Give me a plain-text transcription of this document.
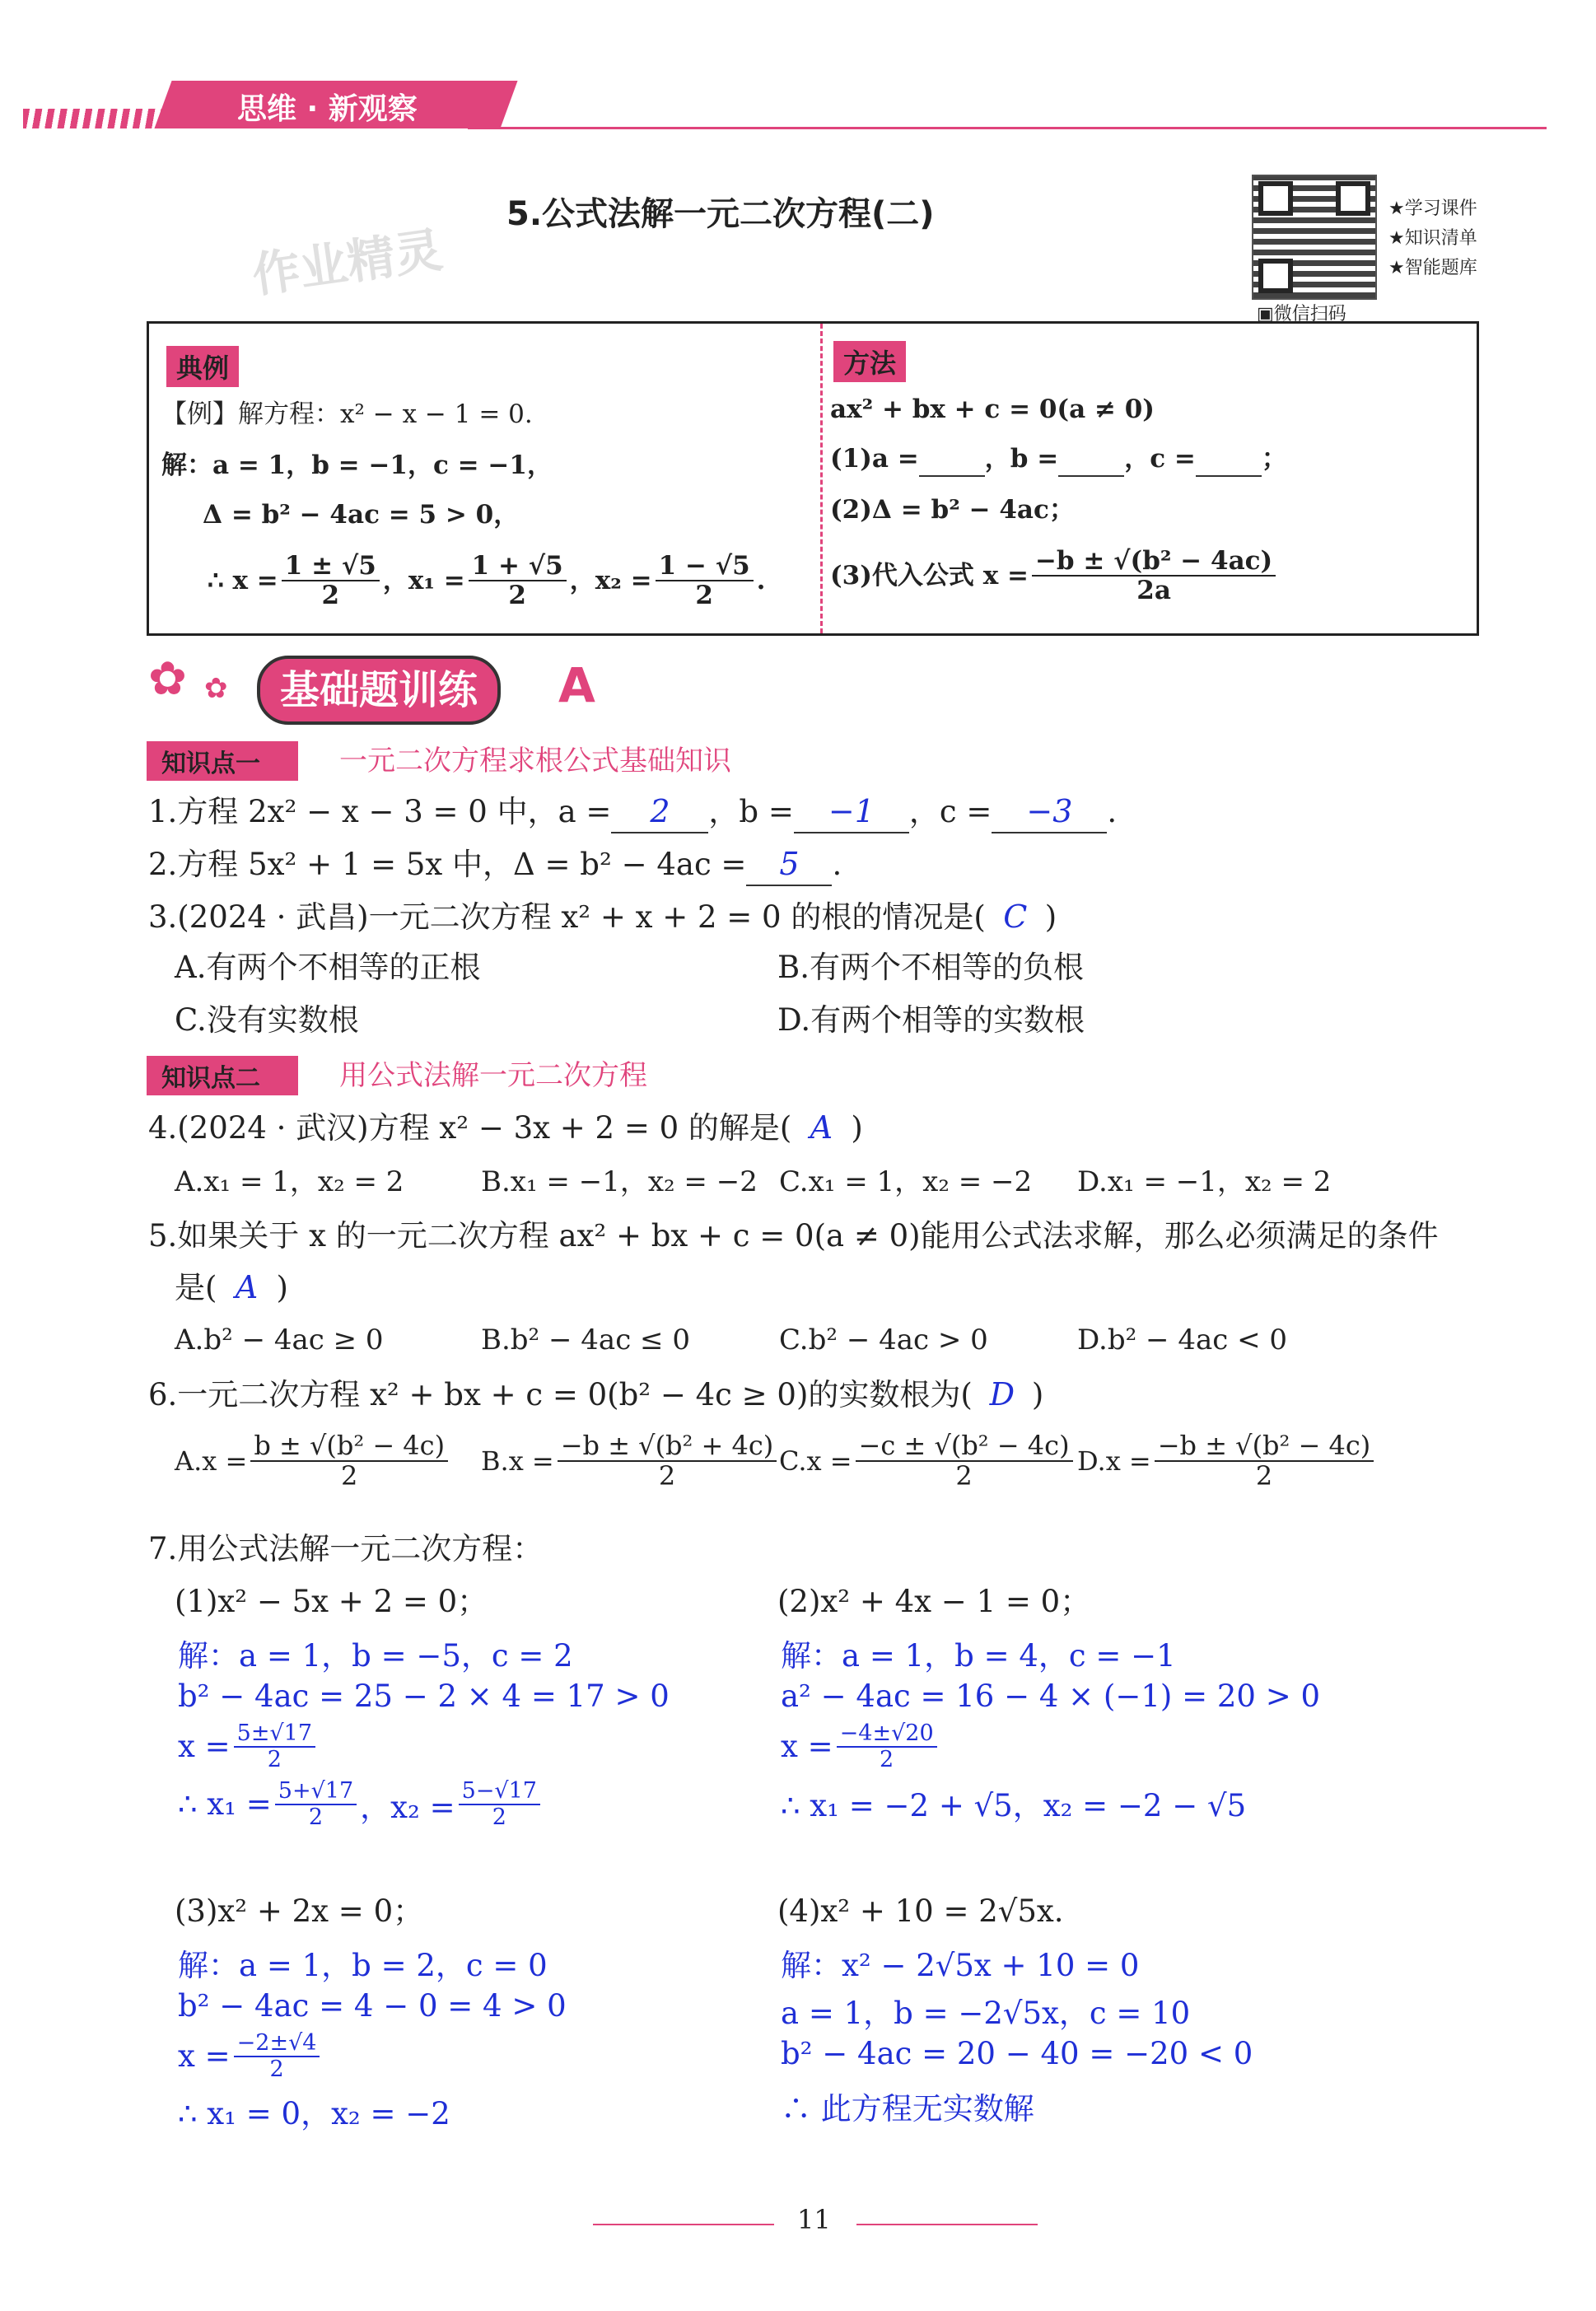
思维 · 新观察
5.公式法解一元二次方程(二)
作业精灵
★学习课件
★知识清单
★智能题库
▣微信扫码
典例
【例】解方程：x² − x − 1 = 0.
解：a = 1，b = −1，c = −1，
Δ = b² − 4ac = 5 > 0，
∴ $x = \frac{1 \pm √5}{2}$ ，$x_1 = \frac{1 + √5}{2}$ ，$x_2 = \frac{1 - √5}{2}$ .
方法
ax² + bx + c = 0(a ≠ 0)
(1)a =	，b =	，c =	；
(2)Δ = b² − 4ac；
(3)代入公式 $x = \frac{\text{−b ± √(b² − 4ac)}}{2a}$
✿ ✿	基础题训练	A
知识点一	一元二次方程求根公式基础知识
1.方程 2x² − x − 3 = 0 中，a = 2 ，b = −1 ，c = −3 .
2.方程 5x² + 1 = 5x 中，Δ = b² − 4ac = 5 .
3.(2024 · 武昌)一元二次方程 x² + x + 2 = 0 的根的情况是( C )
A.有两个不相等的正根	B.有两个不相等的负根
C.没有实数根	D.有两个相等的实数根
知识点二	用公式法解一元二次方程
4.(2024 · 武汉)方程 x² − 3x + 2 = 0 的解是( A )
A.x₁ = 1，x₂ = 2	B.x₁ = −1，x₂ = −2 C.x₁ = 1，x₂ = −2 D.x₁ = −1，x₂ = 2
5.如果关于 x 的一元二次方程 ax² + bx + c = 0(a ≠ 0)能用公式法求解，那么必须满足的条件
是( A )
A.b² − 4ac ≥ 0	B.b² − 4ac ≤ 0	C.b² − 4ac > 0	D.b² − 4ac < 0
6.一元二次方程 x² + bx + c = 0(b² − 4c ≥ 0)的实数根为( D )
$A.x = \frac{\text{b ± √(b² − 4c)}}{2} B.x = \frac{\text{−b ± √(b² + 4c)}}{2} C.x = \frac{\text{−c ± √(b² − 4c)}}{2} D.x = \frac{\text{−b ± √(b² − 4c)}}{2}$
7.用公式法解一元二次方程：
(1)x² − 5x + 2 = 0；
解：a = 1，b = −5，c = 2
b² − 4ac = 25 − 2 × 4 = 17 > 0
$x = \frac{5\pm√17}{2}$
∴ $x_1 = \frac{5+√17}{2}$ ，$x_2 = \frac{5-√17}{2}$
(2)x² + 4x − 1 = 0；
解：a = 1，b = 4，c = −1
a² − 4ac = 16 − 4 × (−1) = 20 > 0
$x = \frac{-4\pm√20}{2}$
∴ x₁ = −2 + √5，x₂ = −2 − √5
(3)x² + 2x = 0；
解：a = 1，b = 2，c = 0
b² − 4ac = 4 − 0 = 4 > 0
$x = \frac{-2\pm√4}{2}$
∴ x₁ = 0，x₂ = −2
(4)x² + 10 = 2√5x.
解：x² − 2√5x + 10 = 0
a = 1，b = −2√5x，c = 10
b² − 4ac = 20 − 40 = −20 < 0
∴ 此方程无实数解
11
